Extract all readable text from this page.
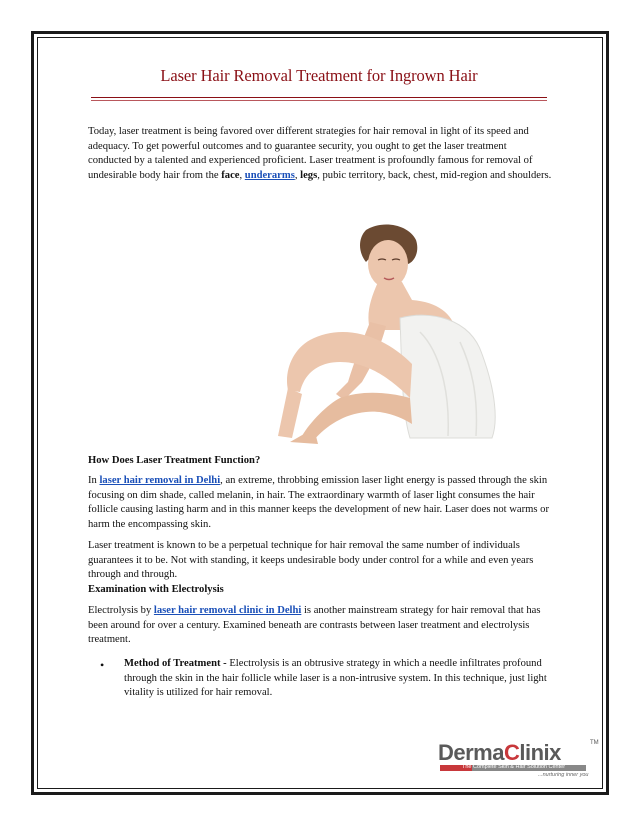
Laser Hair Removal Treatment for Ingrown Hair

Today, laser treatment is being favored over different strategies for hair removal in light of its speed and adequacy. To get powerful outcomes and to guarantee security, you ought to get the laser treatment conducted by a talented and experienced proficient. Laser treatment is profoundly famous for removal of undesirable body hair from the face, underarms, legs, pubic territory, back, chest, mid-region and shoulders.

How Does Laser Treatment Function?

In laser hair removal in Delhi, an extreme, throbbing emission laser light energy is passed through the skin focusing on dim shade, called melanin, in hair. The extraordinary warmth of laser light consumes the hair follicle causing lasting harm and in this manner keeps the development of new hair. Laser does not warms or harm the encompassing skin.

Laser treatment is known to be a perpetual technique for hair removal the same number of individuals guarantees it to be. Not with standing, it keeps undesirable body under control for a while and even years through and through.

Examination with Electrolysis

Electrolysis by laser hair removal clinic in Delhi is another mainstream strategy for hair removal that has been around for over a century. Examined beneath are contrasts between laser treatment and electrolysis treatment.

• Method of Treatment - Electrolysis is an obtrusive strategy in which a needle infiltrates profound through the skin in the hair follicle while laser is a non-intrusive system. In this technique, just light vitality is utilized for hair removal.

DermaClinix	TM
The Complete Skin & Hair Solution Center
...nurturing inner you
